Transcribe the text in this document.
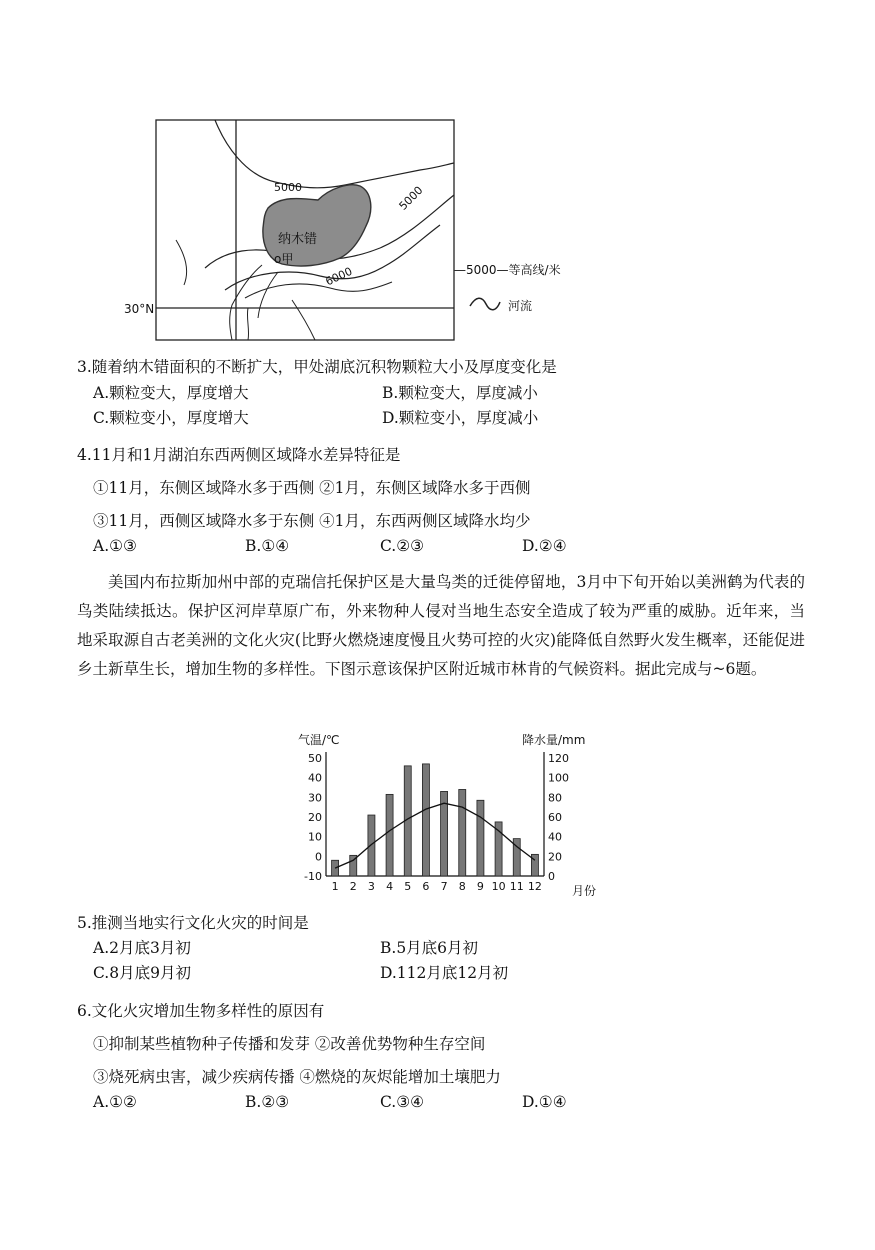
纳木错
o甲
5000	5000
6000
30°N
—5000—等高线/米
河流
3.随着纳木错面积的不断扩大，甲处湖底沉积物颗粒大小及厚度变化是
A.颗粒变大，厚度增大	B.颗粒变大，厚度减小
C.颗粒变小，厚度增大	D.颗粒变小，厚度减小
4.11月和1月湖泊东西两侧区域降水差异特征是
①11月，东侧区域降水多于西侧 ②1月，东侧区域降水多于西侧
③11月，西侧区域降水多于东侧 ④1月，东西两侧区域降水均少
A.①③	B.①④	C.②③	D.②④
美国内布拉斯加州中部的克瑞信托保护区是大量鸟类的迁徙停留地，3月中下旬开始以美洲鹤为代表的鸟类陆续抵达。保护区河岸草原广布，外来物种人侵对当地生态安全造成了较为严重的威胁。近年来，当地采取源自古老美洲的文化火灾(比野火燃烧速度慢且火势可控的火灾)能降低自然野火发生概率，还能促进乡土新草生长，增加生物的多样性。下图示意该保护区附近城市林肯的气候资料。据此完成与~6题。
气温/℃	降水量/mm
月份
50
40
30
20
10
0
-10
120
100
80
60
40
20
0
1 2 3 4 5 6 7 8 9 10 11 12
5.推测当地实行文化火灾的时间是
A.2月底3月初	B.5月底6月初
C.8月底9月初	D.112月底12月初
6.文化火灾增加生物多样性的原因有
①抑制某些植物种子传播和发芽 ②改善优势物种生存空间
③烧死病虫害，减少疾病传播 ④燃烧的灰烬能增加土壤肥力
A.①②	B.②③	C.③④	D.①④
